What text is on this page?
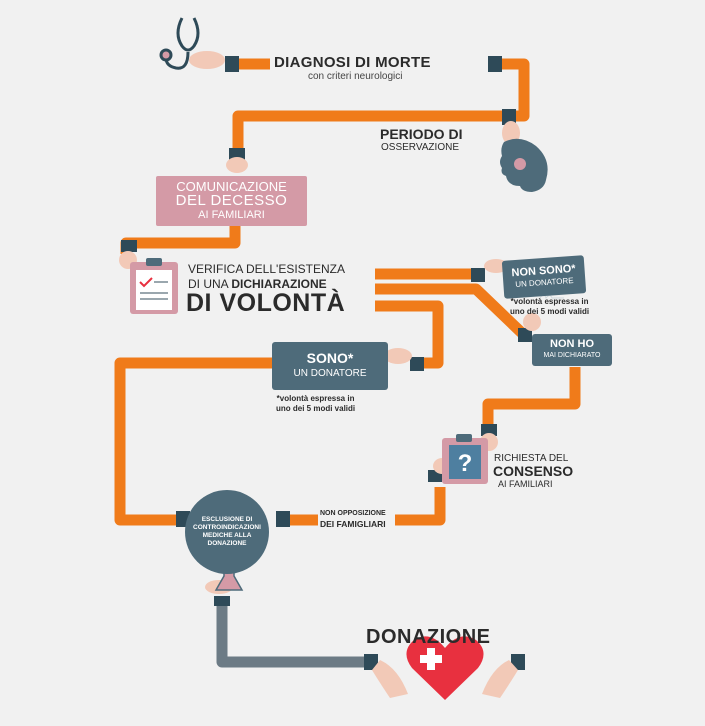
?
ESCLUSIONE DI
CONTROINDICAZIONI
MEDICHE ALLA
DONAZIONE
DIAGNOSI DI MORTE
con criteri neurologici
PERIODO DI
OSSERVAZIONE
COMUNICAZIONE
DEL DECESSO
AI FAMILIARI
VERIFICA DELL'ESISTENZA
DI UNA DICHIARAZIONE
DI VOLONTÀ
NON SONO*
UN DONATORE
*volontà espressa in
uno dei 5 modi validi
NON HO
MAI DICHIARATO
SONO*
UN DONATORE
*volontà espressa in
uno dei 5 modi validi
RICHIESTA DEL
CONSENSO
AI FAMILIARI
NON OPPOSIZIONE
DEI FAMIGLIARI
DONAZIONE
